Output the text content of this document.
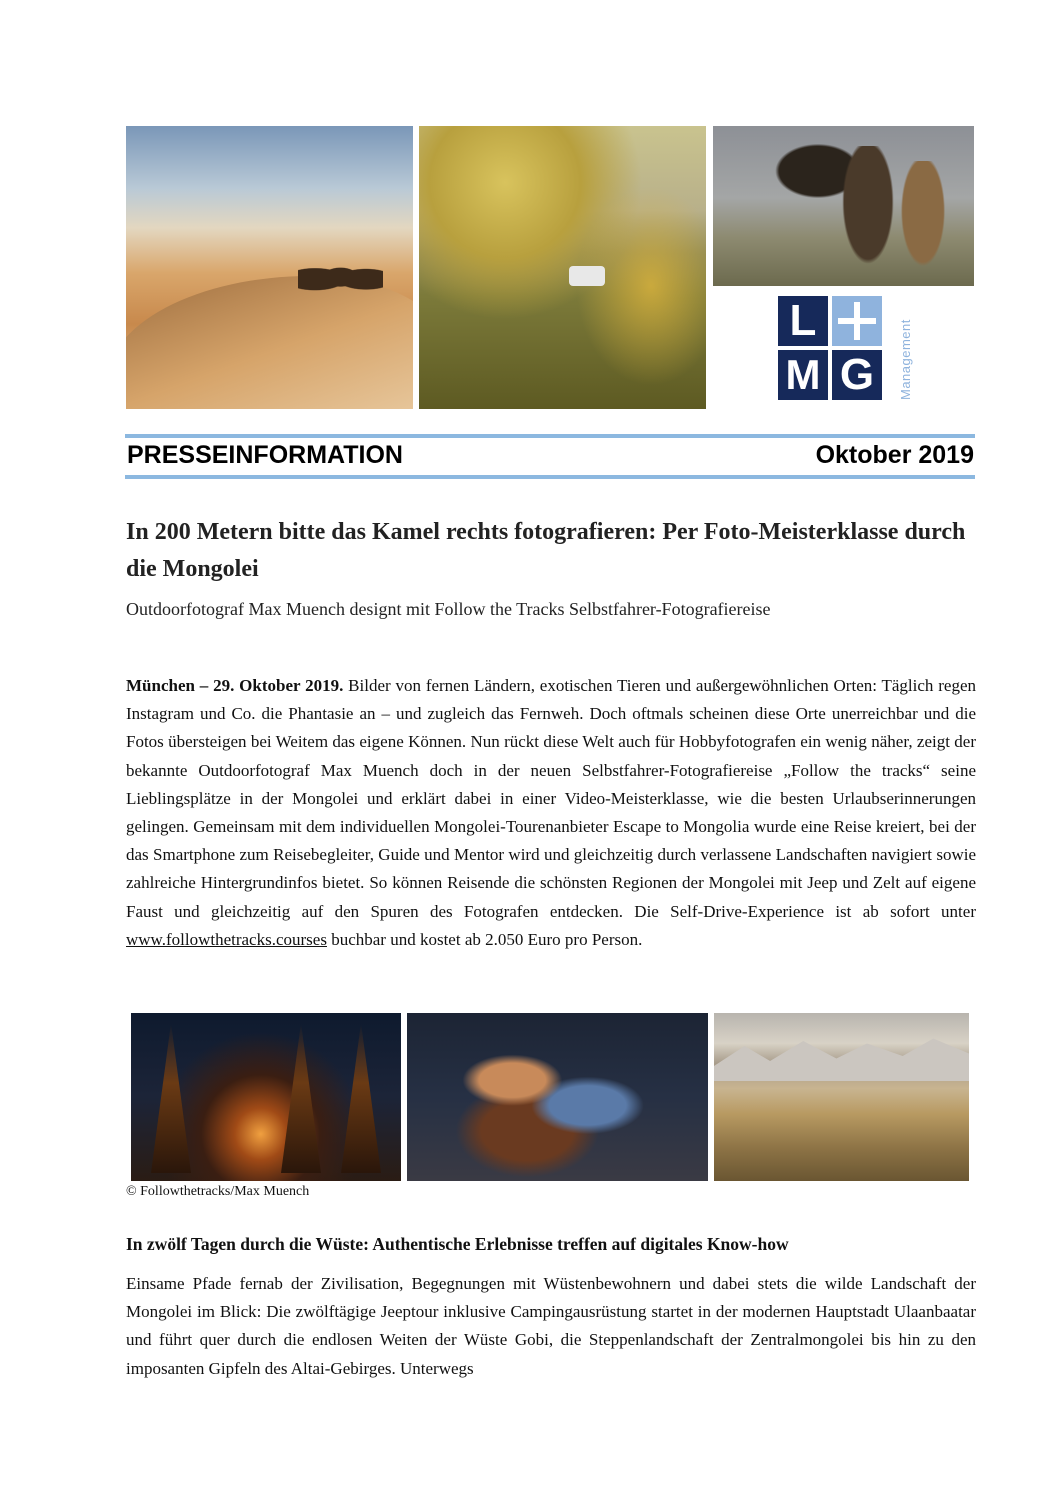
L
M G	Management
PRESSEINFORMATION	Oktober 2019
In 200 Metern bitte das Kamel rechts fotografieren: Per Foto-Meisterklasse durch die Mongolei
Outdoorfotograf Max Muench designt mit Follow the Tracks Selbstfahrer-Fotografiereise
München – 29. Oktober 2019. Bilder von fernen Ländern, exotischen Tieren und außergewöhnlichen Orten: Täglich regen Instagram und Co. die Phantasie an – und zugleich das Fernweh. Doch oftmals scheinen diese Orte unerreichbar und die Fotos übersteigen bei Weitem das eigene Können. Nun rückt diese Welt auch für Hobbyfotografen ein wenig näher, zeigt der bekannte Outdoorfotograf Max Muench doch in der neuen Selbstfahrer-Fotografiereise „Follow the tracks“ seine Lieblingsplätze in der Mongolei und erklärt dabei in einer Video-Meisterklasse, wie die besten Urlaubserinnerungen gelingen. Gemeinsam mit dem individuellen Mongolei-Tourenanbieter Escape to Mongolia wurde eine Reise kreiert, bei der das Smartphone zum Reisebegleiter, Guide und Mentor wird und gleichzeitig durch verlassene Landschaften navigiert sowie zahlreiche Hintergrundinfos bietet. So können Reisende die schönsten Regionen der Mongolei mit Jeep und Zelt auf eigene Faust und gleichzeitig auf den Spuren des Fotografen entdecken. Die Self-Drive-Experience ist ab sofort unter www.followthetracks.courses buchbar und kostet ab 2.050 Euro pro Person.
© Followthetracks/Max Muench
In zwölf Tagen durch die Wüste: Authentische Erlebnisse treffen auf digitales Know-how
Einsame Pfade fernab der Zivilisation, Begegnungen mit Wüstenbewohnern und dabei stets die wilde Landschaft der Mongolei im Blick: Die zwölftägige Jeeptour inklusive Campingausrüstung startet in der modernen Hauptstadt Ulaanbaatar und führt quer durch die endlosen Weiten der Wüste Gobi, die Steppenlandschaft der Zentralmongolei bis hin zu den imposanten Gipfeln des Altai-Gebirges. Unterwegs
